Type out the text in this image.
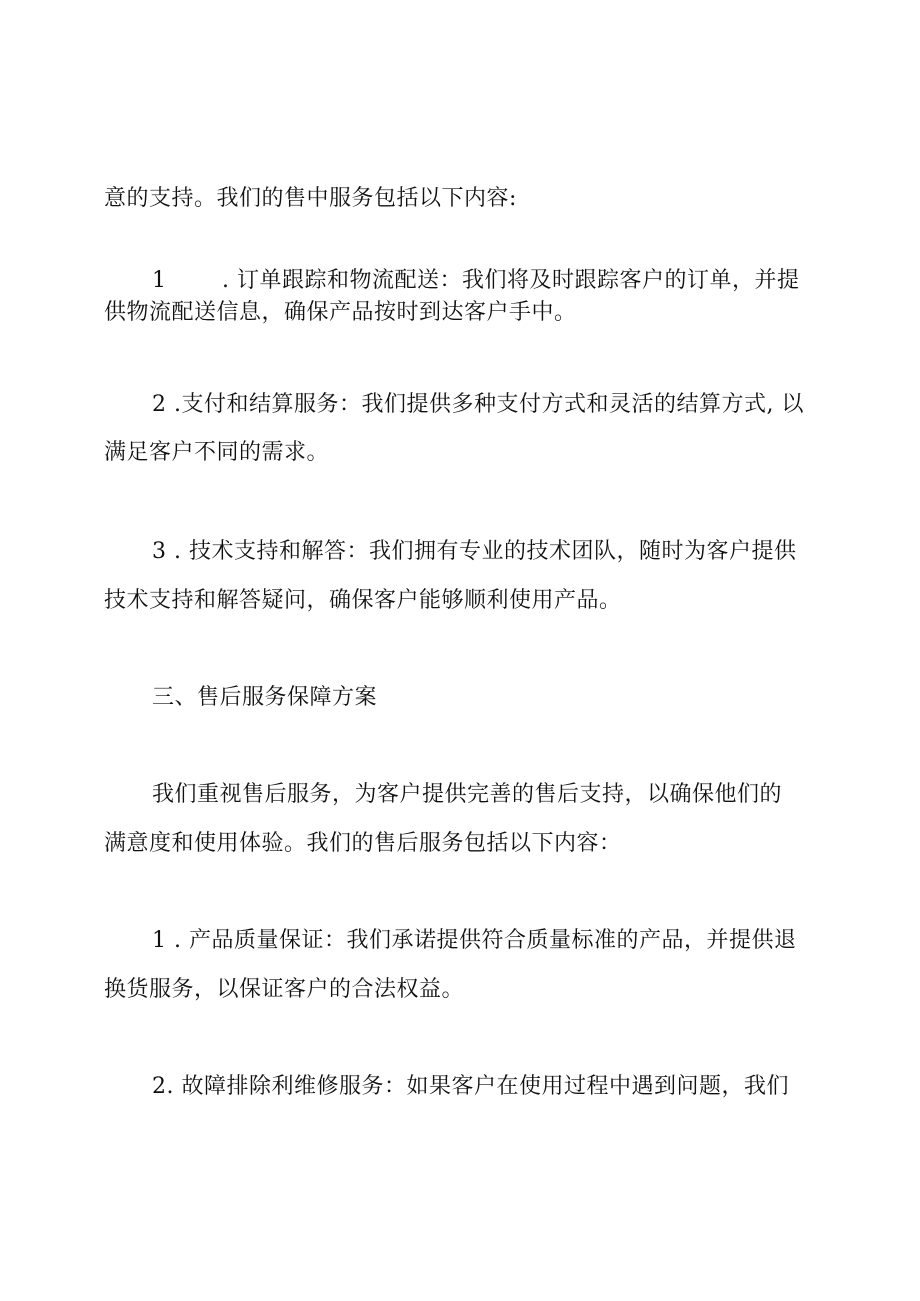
意的支持。我们的售中服务包括以下内容:
1	. 订单跟踪和物流配送：我们将及时跟踪客户的订单，并提
供物流配送信息，确保产品按时到达客户手中。
2 .支付和结算服务：我们提供多种支付方式和灵活的结算方式, 以
满足客户不同的需求。
3 . 技术支持和解答：我们拥有专业的技术团队，随时为客户提供
技术支持和解答疑问，确保客户能够顺利使用产品。
三、售后服务保障方案
我们重视售后服务，为客户提供完善的售后支持，以确保他们的
满意度和使用体验。我们的售后服务包括以下内容：
1 . 产品质量保证：我们承诺提供符合质量标准的产品，并提供退
换货服务，以保证客户的合法权益。
2. 故障排除利维修服务：如果客户在使用过程中遇到问题，我们
